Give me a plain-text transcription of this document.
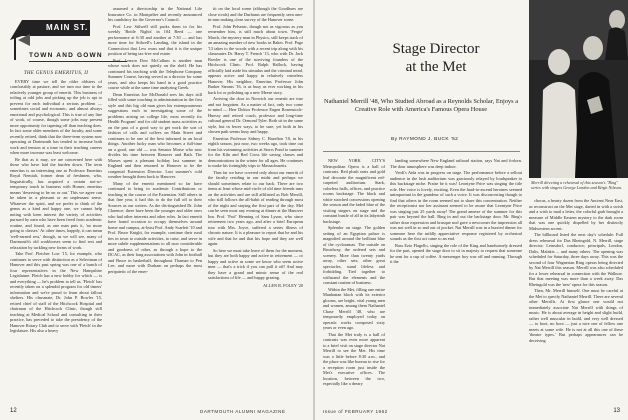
MAIN ST.
TOWN AND GOWN
THE GENUS EMERITUS, II

EVERY time we tell the older oldsters of comfortably at pasture, and we turn our time to the relatively younger group of emeriti. This business of toiling at odd jobs and picking up the job is apt to prevent for each individual a serious problem — sometimes social and economic, and almost always emotional and psychological. This is true of any line of work, of course, though some jobs may present more opportunity for tapering off than teaching does. In fact some older members of the faculty, and some recently retired, think that the three-term system now operating at Dartmouth has tended to increase both work and tension at a time in their teaching careers when more increase was least welcome.

Be that as it may, we are concerned here with those who have laid the burden down. The term emeritus is an interesting one as Professor Emeritus Royal Nemiah, former dean of freshmen, who, linguistically, has acquired a certain not-so-temporary touch in business with Homer, emeritus means 'deserving to be on or out.' This we agree can be taken in a pleasant or an unpleasant sense. Whatever the spirit, and we prefer to think of the genus as a kind and happy one, we cannot help noting with keen interest the variety of activities pursued by men who have been freed from academic routine, and found, as one man puts it, 'no more going to classes.' At other times, happily, it can mean 'well-earned rest,' though, as we will see, many of Dartmouth's old workhorses seem to find rest and relaxation by tackling new forms of work.

Take Prof. Fletcher Low '15, for example, who continues to serve with distinction as a Selectman of Hanover and this past spring was one of a bunch of four representatives in the New Hampshire Legislature. Fletch has a new hobby for which — is and everything — he's problem to tell us. 'Fletch' has recently taken on a splendid program for old timers' information and we're proud to learn about fallout shelters. His classmate, Dr. John P. Bowler '15, retired chief of staff of the Hitchcock Hospital and chairman of the Hitchcock Clinic, though still teaching at Medical School and consulting in their practice, has preceded to take the presidency of the Hanover Rotary Club and to serve with 'Fletch' in the legislature. His also a heavy

assumed a directorship in the National Life Insurance Co. in Montpelier and recently announced his candidacy for the Governor's Council.

Prof. Lew Stilwell still packs them in for his weekly 'Bottle Nights' in 104 Reed — one performance at 6:30 and another at 7:30 — and has more time for Stilwell's Landing, the island in the Connecticut that Lew owns and that it is the unique position of being tax-free real estate.

Prof. Lemon Dow McCallum is another man whose work does not quietly on the shelf. He has continued his teaching with the Telephone Company Summer Course, having served as a director for some years, and also keeps his hand in a good practice course while at the same time analyzing Greek.

Dean Emeritus Joe McDonald sees his days still filled with some touching to administration in the first style and this big old man gives his extemporaneous suggestions each in investigating some of the problems arising on college life, most recently for Health Program' and for old student mass activities as on the past of a good way to get work the sort of fashion of calls and coffees on Main Street and continues to be one of the best informed in an local things. Another lucky man who becomes a full-time on a good, one old — was Senator Morse who now divides his time between Hanover and Bath. The Morses spent a pleasant holiday last summer in England and then returned to Hanover to be the congenial Extension Director. Last summer's cold weather brought them back to Hanover.

Many of the emeriti mentioned so far have continued to bring in academic Contributions or teaching in the course of the Extension. Still others in that fine year, it had this to do the full off to their Sources as our writers. As the dis-tinguished Dr. John Clarence, there have been the younger and older ones who had other interests and other roles. In fact emeriti have found occasion to occupy themselves around home and campus, at-least Prof. Andy Scarlett '10 and Prof. Bruce Knight, for example, continue their rural ties in town to outside activities, to raise, and serve in more subtle supplementations to all now considerable and goodness of other, as through a hope to the DCAC, as their long associations with John in football and Bruce in basketball, throughout Thaman to Pen Lee, and more with Durham on perhaps the most peripatetic of the emer-

iti on the local scene (although the Goodhues are close rivals) and the Durhams are frequently seen arm-in-arm making close survey of the Hanover scene.

Prof. John Pelsenic, though not as vigorous as you remember him, is still much about town. 'Fergie' March, the mystery man in Physics, still keeps track of an amazing number of new books in Baker. Prof. Page '13 takes to the woods with a recent trip along with his classmates Dr. Harry T. French '13, who with Dr. Jack Bowler is one of the surviving founders of the Hitchcock Clinic. Prof. Ralph Hallock, having officially laid aside his stimulus and the criminal mind, appears active and happy in relatively crimeless Hanover. His neighbor, Emeritus Professor John Barker Stearns '16, is as busy as ever working in his back lot or polishing up a new Meese story.

Arriving the door in Norwich our emeriti are true and not forgotten. As a matter of fact, only two come to mind — Herr Doktor Professor Eugen Rosenstock-Huessy and retired coach, professor and long-time cultural general Dr. Ormond Tyler. Both sit in the same style, but in fewer ways, to be sure, yet both in his chosen path seems busy and happy.

Emeritus Professor Sidney C. Hazelton '10, in his eighth season, just now, two weeks ago, took time out from his swimming activities at Storrs Pond to summer for the Kiln and Red Cross life saving classes and demonstrations in the winter for all ages. He continues to make his fortnightly trips to Massachusetts.

Thus far we have covered only about our emeriti of the faculty residing in our midst and perhaps we should sometimes relate to our back. There are two items at least whose mid-circle of old time friends runs on the activities and are still affiliated as Bob Merrill, who still follows the all-habit of reading through most of the night and staying the first part of the day. Mel can be seen most any evening at dinner at the Hanover Inn. Prof. 'Prof' Henning of Sam Lyson, who since retirement two years ago, and after a brief European tour with Mrs. Joyce, suffered a series illness of chronic nature. It is a pleasure to report that he and his wife and that he and that his hope and they are well again.

So here we must take leave of them for the moment, but they are both happy and active in retirement — or happy and active as some we know who seem active men — that's a trick if you can pull it off! And may they have a grand and mimic sense of the real satisfactions of life — and happy grazing.

ALLEN R. FOLEY '20

12	DARTMOUTH ALUMNI MAGAZINE
Stage Director
at the Met
Nathaniel Merrill '48, Who Studied Abroad as a Reynolds Scholar, Enjoys a Creative Role with America's Famous Opera House
By RAYMOND J. BUCK '52
Merrill directing a rehearsal of this season's "Ring" series with singers George London and Birgit Nilsson.

NEW YORK CITY'S Metropolitan Opera is a hall of contrasts. Red plush seats and gold leaf decorate the magnificent red-carpeted auditorium. Stark, colorless halls, offices, and practice rooms backstage. The black and white starched concessions opening the season and the faded blue of the visiting singers on stage and the constant bustle of all in its labyrinth backstage.

Splendor on stage. The golden setting of an Egyptian palace is magnified around the brilliant blue of the cycloramas. The outside on Broadway, the ordered sets and scenery. More than twenty yards away, other sets; other great spectacles, stand lifeless and forbidding. Tied together to withstand the elements and the constant routine of business.

Within the Met, filling one entire Manhattan block with its exterior glooms, are bright, vital young men and women, among them Nathaniel Chase Merrill '48, who are temporarily employed today on operatic works composed sixty years or even ago.

That the Met truly is a hall of contrasts was even more apparent to a brief visit on stage director Nat Merrill to see the Met. His time was a little before 8:30 a.m., and the place was like bureau to rise for a reception room just inside the Met's executive offices. The location, between the two, especially like a dreary

landing somewhere New England railroad station, says Nat and forlorn. The dour atmosphere was deep indoor.

Verdi's Aida was in progress on stage. The performance before a sellout audience in the lush auditorium was graciously relayed by loudspeaker to this backstage niche. Praise be it was! Leontyne Price was singing the title role. Her voice is lovely, exciting. Even the hard-to-ascend heroines seemed unimportant in the grandeur of such a voice. It was disconcerting though to find that others in the room seemed not to share this concentration. Neither the receptionist nor her assistant seemed to be aware that Leontyne Price was singing just 25 yards away! The grand annexe of the summer for this pair was beyond the hall. Bing in and out the backstage door. Mr. Bing's rather dour expression and brusque nod gave a newcomer the impression all was not well in so and out of pocket. Nat Merrill was in a hurried dinner for someone here the mildly appreciative response registered by orchestral sounds as the first act came to an end.

Bass Ezio Flagello, singing the role of the King and handsomely dressed for the part, opened the stage door to sit in majesty to request that someone be sent for a cup of coffee. A messenger boy was off and running. Through it the

chorus, a hearty dozen from the Ancient Near East, as reconstruct on the Met stage, darted in with a swish and a wish to mail a letter, the colorful garb brought a measure of Middle Eastern mystery to the dark room that was one quickly dispelled by her distinctly Midwestern accent.

The billboard listed the next day's schedule: Full dress rehearsal for Das Rheingold, N. Merrill, stage director; Leinsdorf, conductor; principals, London, Dalis, Malakis ... and many others. The opening was scheduled for Saturday, three days away. This was the second of four Wagnerian Ring operas being directed by Nat Merrill this season. Merrill was also scheduled for a lower rehearsal in connection with the Walkure. But that meeting was more than a week away. Das Rheingold was the 'new' opera for this season.

Then, Mr. Merrill himself. One must be careful at the Met to specify Nathaniel Merrill. There are several other Merrills. At first glance one would not immediately associate Nat Merrill with things of music. He is about average in height and slight build, rather well muscular in build, and very well dressed — to boot, no boot — just a nice one of fellow one meets at some wife. He is not at all this one of these 'theatre types.' But perhaps appearances can be deceiving

Issue of FEBRUARY 1962	13
